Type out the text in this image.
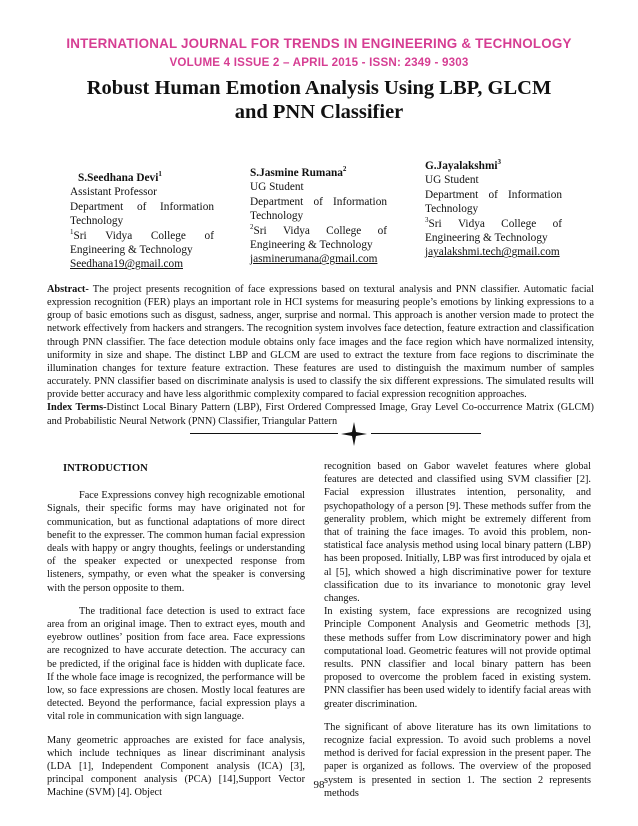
INTERNATIONAL JOURNAL FOR TRENDS IN ENGINEERING & TECHNOLOGY
VOLUME 4 ISSUE 2 – APRIL 2015 - ISSN: 2349 - 9303
Robust Human Emotion Analysis Using LBP, GLCM
and PNN Classifier
S.Seedhana Devi$^1$
Assistant Professor
Department of Information
Technology
$^1$Sri Vidya College of
Engineering & Technology
Seedhana19@gmail.com
S.Jasmine Rumana$^2$
UG Student
Department of Information
Technology
$^2$Sri Vidya College of
Engineering & Technology
jasminerumana@gmail.com
G.Jayalakshmi$^3$
UG Student
Department of Information
Technology
$^3$Sri Vidya College of
Engineering & Technology
jayalakshmi.tech@gmail.com
Abstract- The project presents recognition of face expressions based on textural analysis and PNN classifier. Automatic facial expression recognition (FER) plays an important role in HCI systems for measuring people’s emotions by linking expressions to a group of basic emotions such as disgust, sadness, anger, surprise and normal. This approach is another version made to protect the network effectively from hackers and strangers. The recognition system involves face detection, feature extraction and classification through PNN classifier. The face detection module obtains only face images and the face region which have normalized intensity, uniformity in size and shape. The distinct LBP and GLCM are used to extract the texture from face regions to discriminate the illumination changes for texture feature extraction. These features are used to distinguish the maximum number of samples accurately. PNN classifier based on discriminate analysis is used to classify the six different expressions. The simulated results will provide better accuracy and have less algorithmic complexity compared to facial expression recognition approaches.
Index Terms-Distinct Local Binary Pattern (LBP), First Ordered Compressed Image, Gray Level Co-occurrence Matrix (GLCM) and Probabilistic Neural Network (PNN) Classifier, Triangular Pattern

INTRODUCTION

Face Expressions convey high recognizable emotional Signals, their specific forms may have originated not for communication, but as functional adaptations of more direct benefit to the expresser. The common human facial expression deals with happy or angry thoughts, feelings or understanding of the speaker expected or unexpected response from listeners, sympathy, or even what the speaker is conversing with the person opposite to them.

The traditional face detection is used to extract face area from an original image. Then to extract eyes, mouth and eyebrow outlines’ position from face area. Face expressions are recognized to have accurate detection. The accuracy can be predicted, if the original face is hidden with duplicate face. If the whole face image is recognized, the performance will be low, so face expressions are chosen. Mostly local features are detected. Beyond the performance, facial expression plays a vital role in communication with sign language.

Many geometric approaches are existed for face analysis, which include techniques as linear discriminant analysis (LDA [1], Independent Component analysis (ICA) [3], principal component analysis (PCA) [14],Support Vector Machine (SVM) [4]. Object

recognition based on Gabor wavelet features where global features are detected and classified using SVM classifier [2]. Facial expression illustrates intention, personality, and psychopathology of a person [9]. These methods suffer from the generality problem, which might be extremely different from that of training the face images. To avoid this problem, non-statistical face analysis method using local binary pattern (LBP) has been proposed. Initially, LBP was first introduced by ojala et al [5], which showed a high discriminative power for texture classification due to its invariance to monotonic gray level changes.

In existing system, face expressions are recognized using Principle Component Analysis and Geometric methods [3], these methods suffer from Low discriminatory power and high computational load. Geometric features will not provide optimal results. PNN classifier and local binary pattern has been proposed to overcome the problem faced in existing system. PNN classifier has been used widely to identify facial areas with greater discrimination.

The significant of above literature has its own limitations to recognize facial expression. To avoid such problems a novel method is derived for facial expression in the present paper. The paper is organized as follows. The overview of the proposed system is presented in section 1. The section 2 represents methods

98
